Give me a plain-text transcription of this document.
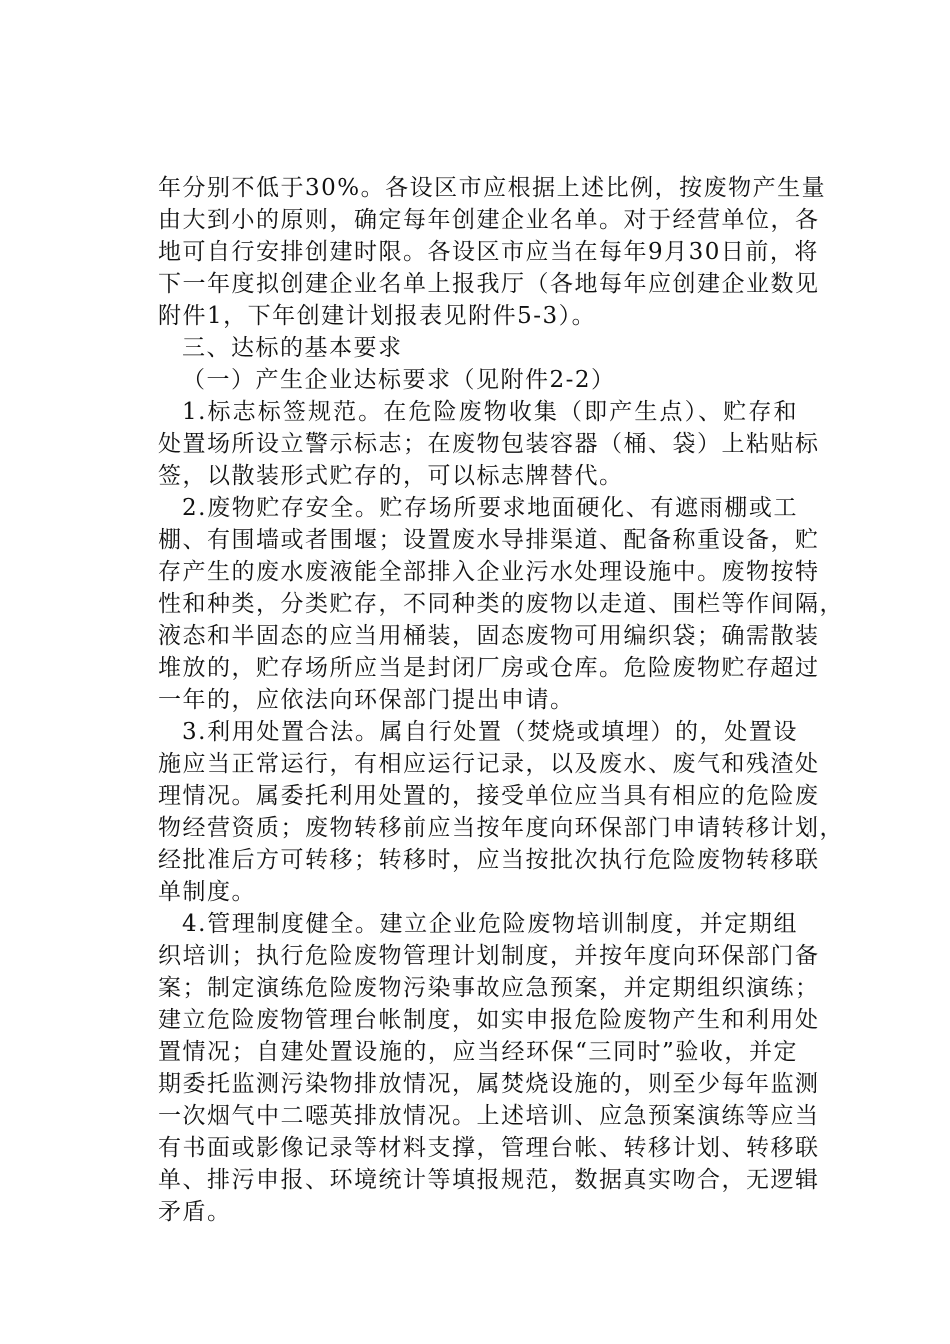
年分别不低于30%。各设区市应根据上述比例，按废物产生量
由大到小的原则，确定每年创建企业名单。对于经营单位，各
地可自行安排创建时限。各设区市应当在每年9月30日前，将
下一年度拟创建企业名单上报我厅（各地每年应创建企业数见
附件1，下年创建计划报表见附件5-3）。
三、达标的基本要求
（一）产生企业达标要求（见附件2-2）
1.标志标签规范。在危险废物收集（即产生点）、贮存和
处置场所设立警示标志；在废物包装容器（桶、袋）上粘贴标
签，以散装形式贮存的，可以标志牌替代。
2.废物贮存安全。贮存场所要求地面硬化、有遮雨棚或工
棚、有围墙或者围堰；设置废水导排渠道、配备称重设备，贮
存产生的废水废液能全部排入企业污水处理设施中。废物按特
性和种类，分类贮存，不同种类的废物以走道、围栏等作间隔，
液态和半固态的应当用桶装，固态废物可用编织袋；确需散装
堆放的，贮存场所应当是封闭厂房或仓库。危险废物贮存超过
一年的，应依法向环保部门提出申请。
3.利用处置合法。属自行处置（焚烧或填埋）的，处置设
施应当正常运行，有相应运行记录，以及废水、废气和残渣处
理情况。属委托利用处置的，接受单位应当具有相应的危险废
物经营资质；废物转移前应当按年度向环保部门申请转移计划，
经批准后方可转移；转移时，应当按批次执行危险废物转移联
单制度。
4.管理制度健全。建立企业危险废物培训制度，并定期组
织培训；执行危险废物管理计划制度，并按年度向环保部门备
案；制定演练危险废物污染事故应急预案，并定期组织演练；
建立危险废物管理台帐制度，如实申报危险废物产生和利用处
置情况；自建处置设施的，应当经环保“三同时”验收，并定
期委托监测污染物排放情况，属焚烧设施的，则至少每年监测
一次烟气中二噁英排放情况。上述培训、应急预案演练等应当
有书面或影像记录等材料支撑，管理台帐、转移计划、转移联
单、排污申报、环境统计等填报规范，数据真实吻合，无逻辑
矛盾。
